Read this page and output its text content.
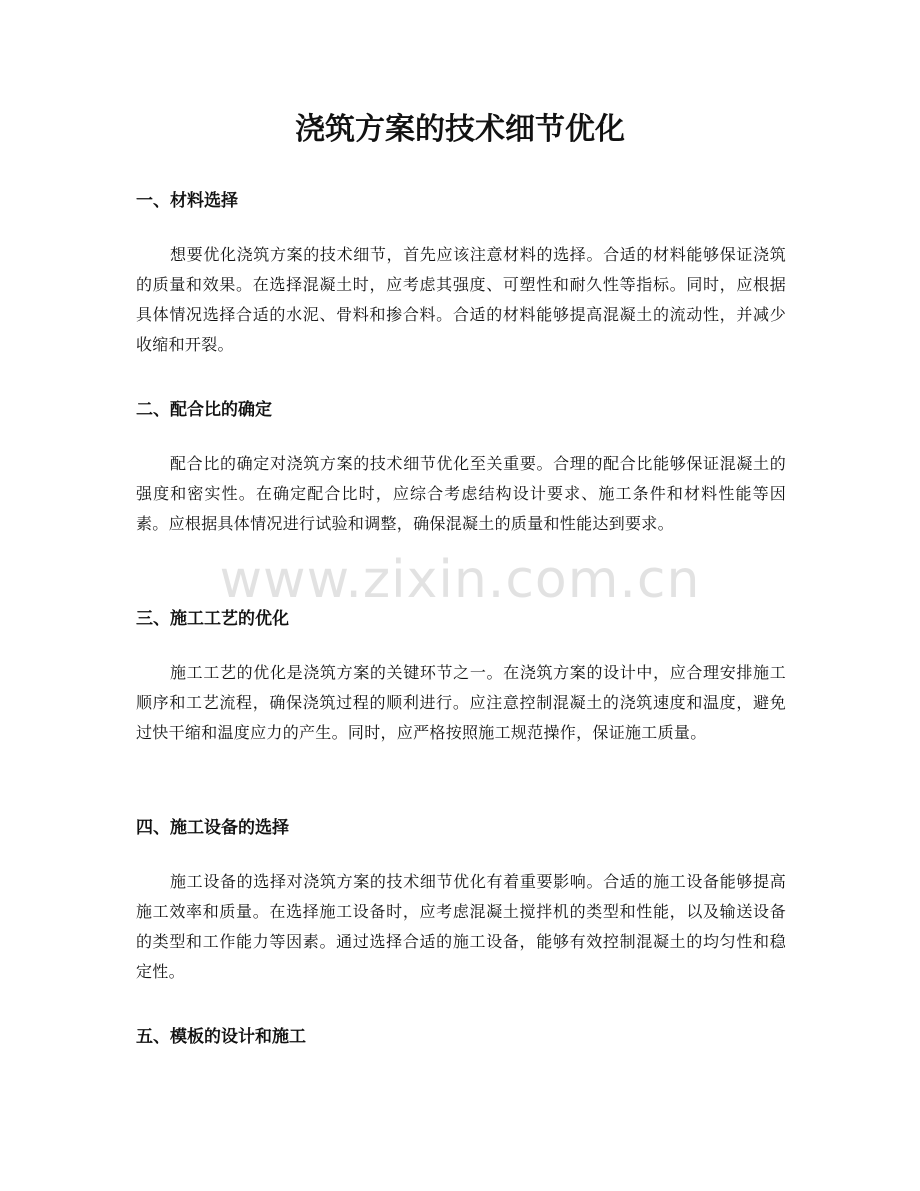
浇筑方案的技术细节优化
一、材料选择

想要优化浇筑方案的技术细节，首先应该注意材料的选择。合适的材料能够保证浇筑的质量和效果。在选择混凝土时，应考虑其强度、可塑性和耐久性等指标。同时，应根据具体情况选择合适的水泥、骨料和掺合料。合适的材料能够提高混凝土的流动性，并减少收缩和开裂。

二、配合比的确定

配合比的确定对浇筑方案的技术细节优化至关重要。合理的配合比能够保证混凝土的强度和密实性。在确定配合比时，应综合考虑结构设计要求、施工条件和材料性能等因素。应根据具体情况进行试验和调整，确保混凝土的质量和性能达到要求。

三、施工工艺的优化

施工工艺的优化是浇筑方案的关键环节之一。在浇筑方案的设计中，应合理安排施工顺序和工艺流程，确保浇筑过程的顺利进行。应注意控制混凝土的浇筑速度和温度，避免过快干缩和温度应力的产生。同时，应严格按照施工规范操作，保证施工质量。

四、施工设备的选择

施工设备的选择对浇筑方案的技术细节优化有着重要影响。合适的施工设备能够提高施工效率和质量。在选择施工设备时，应考虑混凝土搅拌机的类型和性能，以及输送设备的类型和工作能力等因素。通过选择合适的施工设备，能够有效控制混凝土的均匀性和稳定性。

五、模板的设计和施工
www.zixin.com.cn
